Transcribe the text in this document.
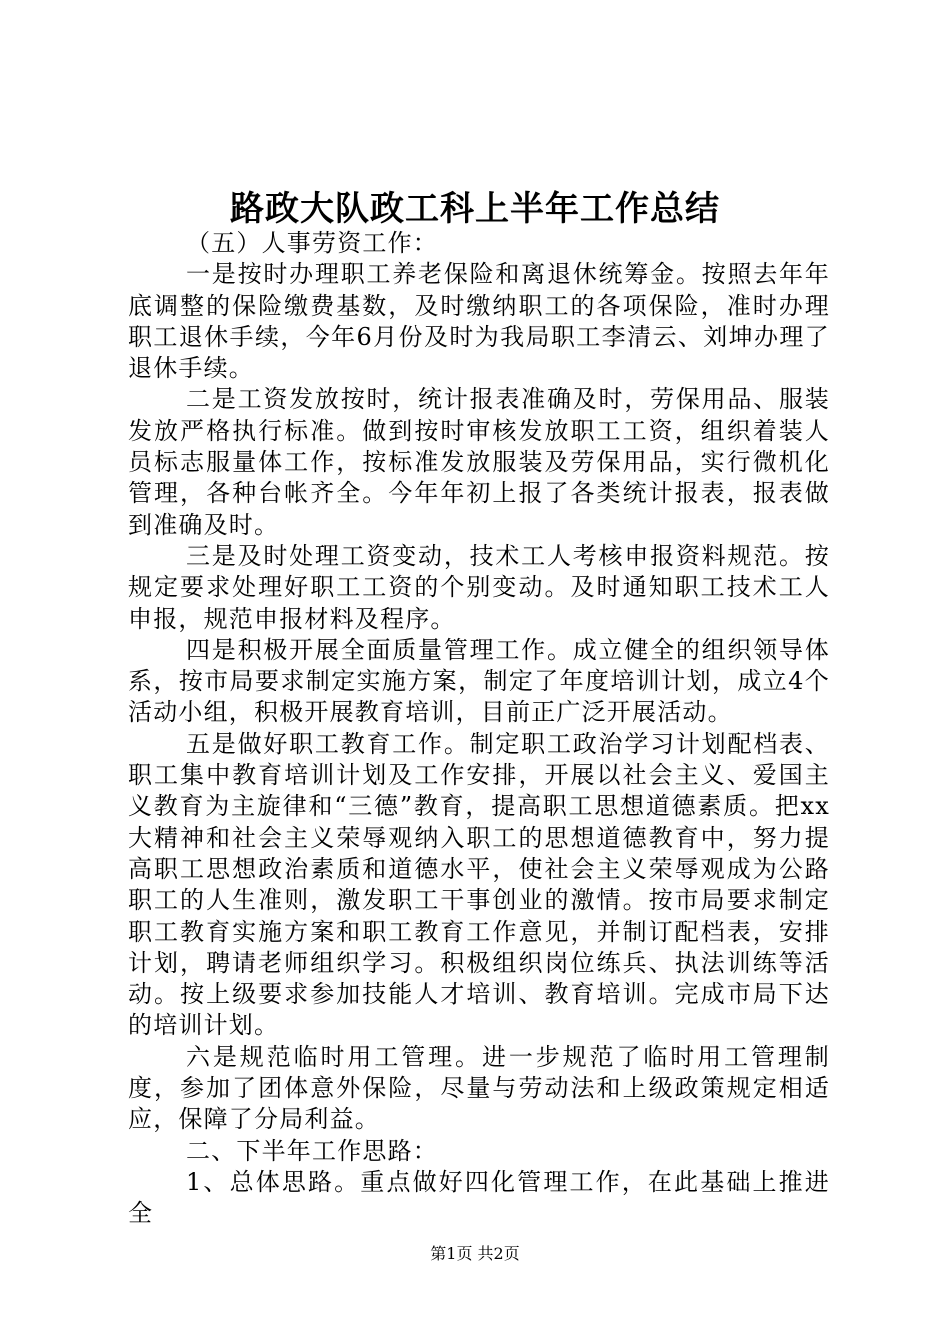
路政大队政工科上半年工作总结

（五）人事劳资工作：

一是按时办理职工养老保险和离退休统筹金。按照去年年底调整的保险缴费基数，及时缴纳职工的各项保险，准时办理职工退休手续，今年6月份及时为我局职工李清云、刘坤办理了退休手续。

二是工资发放按时，统计报表准确及时，劳保用品、服装发放严格执行标准。做到按时审核发放职工工资，组织着装人员标志服量体工作，按标准发放服装及劳保用品，实行微机化管理，各种台帐齐全。今年年初上报了各类统计报表，报表做到准确及时。

三是及时处理工资变动，技术工人考核申报资料规范。按规定要求处理好职工工资的个别变动。及时通知职工技术工人申报，规范申报材料及程序。

四是积极开展全面质量管理工作。成立健全的组织领导体系，按市局要求制定实施方案，制定了年度培训计划，成立4个活动小组，积极开展教育培训，目前正广泛开展活动。

五是做好职工教育工作。制定职工政治学习计划配档表、职工集中教育培训计划及工作安排，开展以社会主义、爱国主义教育为主旋律和“三德”教育，提高职工思想道德素质。把xx大精神和社会主义荣辱观纳入职工的思想道德教育中，努力提高职工思想政治素质和道德水平，使社会主义荣辱观成为公路职工的人生准则，激发职工干事创业的激情。按市局要求制定职工教育实施方案和职工教育工作意见，并制订配档表，安排计划，聘请老师组织学习。积极组织岗位练兵、执法训练等活动。按上级要求参加技能人才培训、教育培训。完成市局下达的培训计划。

六是规范临时用工管理。进一步规范了临时用工管理制度，参加了团体意外保险，尽量与劳动法和上级政策规定相适应，保障了分局利益。

二、下半年工作思路：

1、总体思路。重点做好四化管理工作，在此基础上推进全

第1页 共2页
